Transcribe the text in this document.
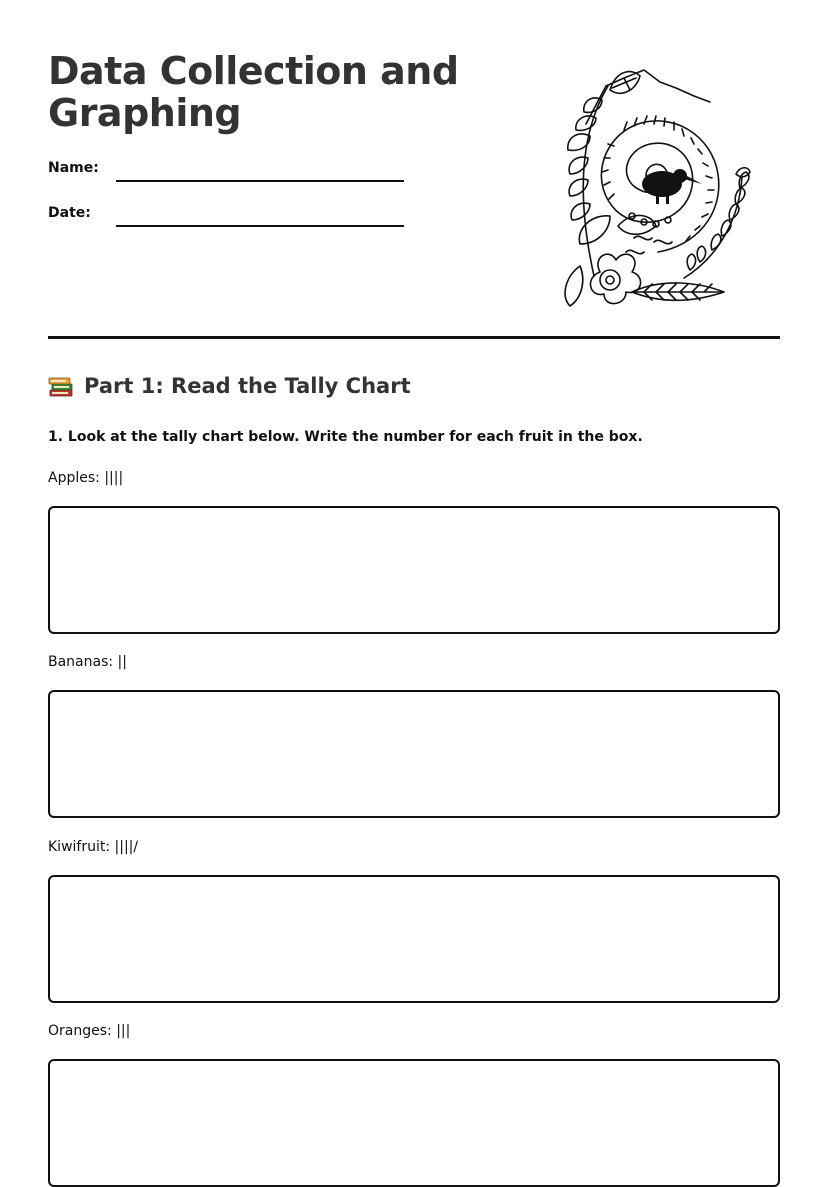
Data Collection and Graphing
Name:
Date:
Part 1: Read the Tally Chart
1. Look at the tally chart below. Write the number for each fruit in the box.
Apples: ||||
Bananas: ||
Kiwifruit: ||||/
Oranges: |||
